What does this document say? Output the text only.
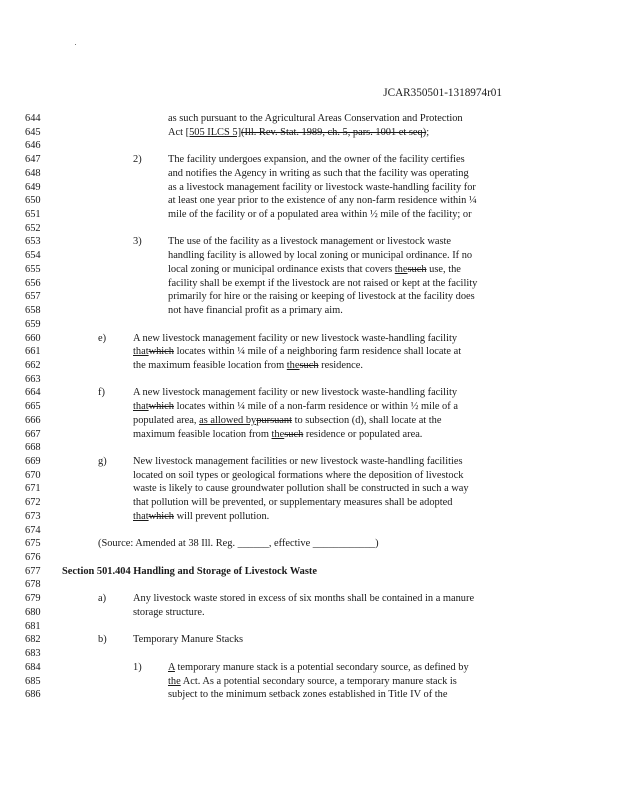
JCAR350501-1318974r01
644	as such pursuant to the Agricultural Areas Conservation and Protection
645	Act [505 ILCS 5](Ill. Rev. Stat. 1989, ch. 5, pars. 1001 et seq);
646
647	2)	The facility undergoes expansion, and the owner of the facility certifies
648	and notifies the Agency in writing as such that the facility was operating
649	as a livestock management facility or livestock waste-handling facility for
650	at least one year prior to the existence of any non-farm residence within ¼
651	mile of the facility or of a populated area within ½ mile of the facility; or
652
653	3)	The use of the facility as a livestock management or livestock waste
654	handling facility is allowed by local zoning or municipal ordinance. If no
655	local zoning or municipal ordinance exists that covers thesuch use, the
656	facility shall be exempt if the livestock are not raised or kept at the facility
657	primarily for hire or the raising or keeping of livestock at the facility does
658	not have financial profit as a primary aim.
659
660	e)	A new livestock management facility or new livestock waste-handling facility
661	thatwhich locates within ¼ mile of a neighboring farm residence shall locate at
662	the maximum feasible location from thesuch residence.
663
664	f)	A new livestock management facility or new livestock waste-handling facility
665	thatwhich locates within ¼ mile of a non-farm residence or within ½ mile of a
666	populated area, as allowed bypursuant to subsection (d), shall locate at the
667	maximum feasible location from thesuch residence or populated area.
668
669	g)	New livestock management facilities or new livestock waste-handling facilities
670	located on soil types or geological formations where the deposition of livestock
671	waste is likely to cause groundwater pollution shall be constructed in such a way
672	that pollution will be prevented, or supplementary measures shall be adopted
673	thatwhich will prevent pollution.
674
675	(Source: Amended at 38 Ill. Reg. ______, effective ____________)
676
677	Section 501.404 Handling and Storage of Livestock Waste
678
679	a)	Any livestock waste stored in excess of six months shall be contained in a manure
680	storage structure.
681
682	b)	Temporary Manure Stacks
683
684	1)	A temporary manure stack is a potential secondary source, as defined by
685	the Act. As a potential secondary source, a temporary manure stack is
686	subject to the minimum setback zones established in Title IV of the
